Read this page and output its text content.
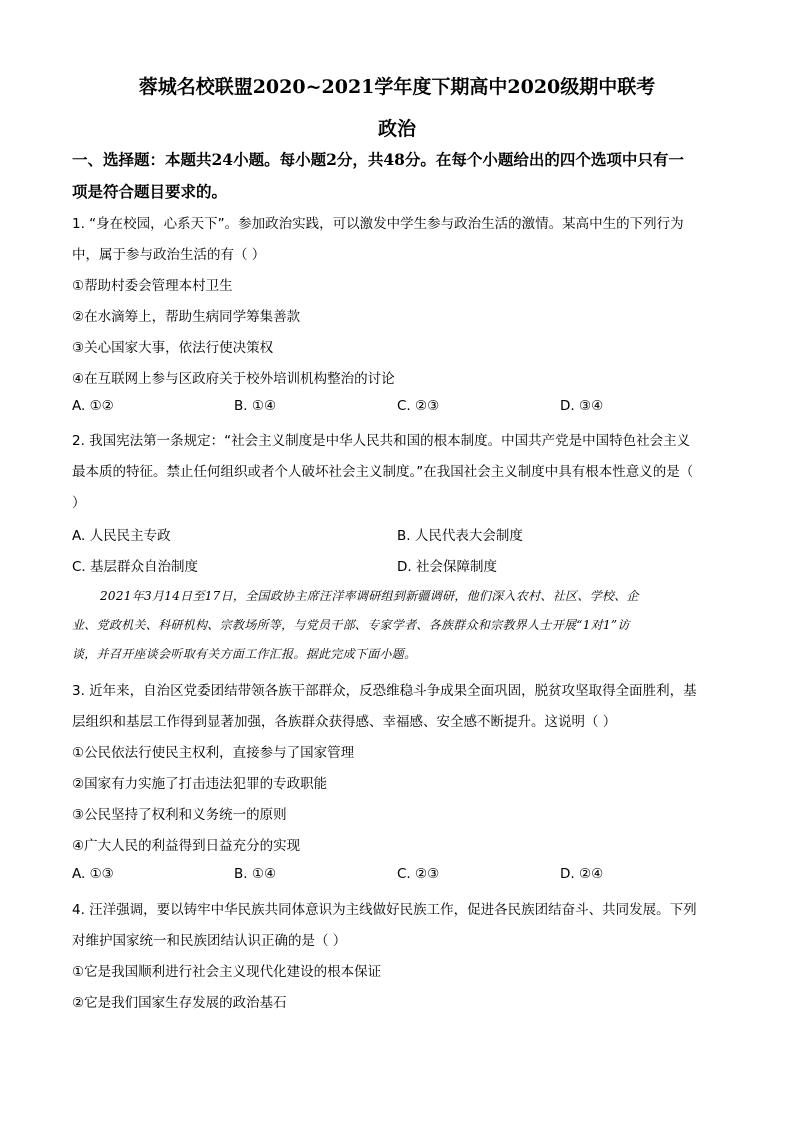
蓉城名校联盟2020~2021学年度下期高中2020级期中联考
政治
一、选择题：本题共24小题。每小题2分，共48分。在每个小题给出的四个选项中只有一
项是符合题目要求的。
1. “身在校园，心系天下”。参加政治实践，可以激发中学生参与政治生活的激情。某高中生的下列行为
中，属于参与政治生活的有（ ）
①帮助村委会管理本村卫生
②在水滴筹上，帮助生病同学筹集善款
③关心国家大事，依法行使决策权
④在互联网上参与区政府关于校外培训机构整治的讨论
A. ①②	B. ①④	C. ②③	D. ③④
2. 我国宪法第一条规定：“社会主义制度是中华人民共和国的根本制度。中国共产党是中国特色社会主义
最本质的特征。禁止任何组织或者个人破坏社会主义制度。”在我国社会主义制度中具有根本性意义的是（
）
A. 人民民主专政	B. 人民代表大会制度
C. 基层群众自治制度	D. 社会保障制度
2021年3月14日至17日，全国政协主席汪洋率调研组到新疆调研，他们深入农村、社区、学校、企
业、党政机关、科研机构、宗教场所等，与党员干部、专家学者、各族群众和宗教界人士开展“1对1”访
谈，并召开座谈会听取有关方面工作汇报。据此完成下面小题。
3. 近年来，自治区党委团结带领各族干部群众，反恐维稳斗争成果全面巩固，脱贫攻坚取得全面胜利，基
层组织和基层工作得到显著加强，各族群众获得感、幸福感、安全感不断提升。这说明（ ）
①公民依法行使民主权利，直接参与了国家管理
②国家有力实施了打击违法犯罪的专政职能
③公民坚持了权利和义务统一的原则
④广大人民的利益得到日益充分的实现
A. ①③	B. ①④	C. ②③	D. ②④
4. 汪洋强调，要以铸牢中华民族共同体意识为主线做好民族工作，促进各民族团结奋斗、共同发展。下列
对维护国家统一和民族团结认识正确的是（ ）
①它是我国顺利进行社会主义现代化建设的根本保证
②它是我们国家生存发展的政治基石
